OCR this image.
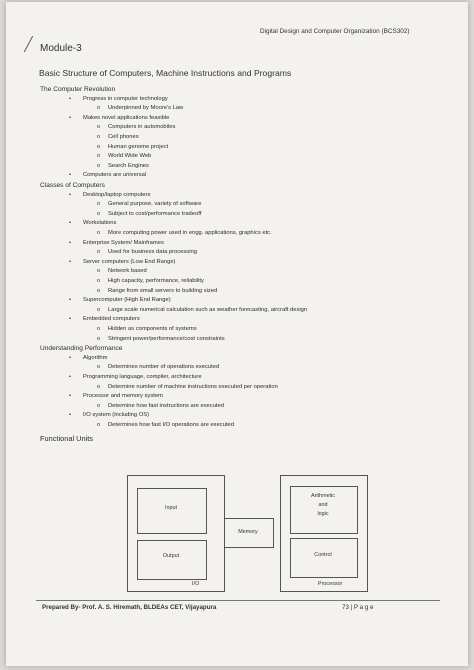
Digital Design and Computer Organization (BCS302)
Module-3
Basic Structure of Computers, Machine Instructions and Programs
The Computer Revolution
• Progress in computer technology
o Underpinned by Moore's Law
• Makes novel applications feasible
o Computers in automobiles
o Cell phones
o Human genome project
o World Wide Web
o Search Engines
• Computers are universal
Classes of Computers
• Desktop/laptop computers
o General purpose, variety of software
o Subject to cost/performance tradeoff
• Workstations
o More computing power used in engg. applications, graphics etc.
• Enterprise System/ Mainframes
o Used for business data processing
• Server computers (Low End Range)
o Network based
o High capacity, performance, reliability
o Range from small servers to building sized
• Supercomputer (High End Range)
o Large scale numerical calculation such as weather forecasting, aircraft design
• Embedded computers
o Hidden as components of systems
o Stringent power/performance/cost constraints
Understanding Performance
• Algorithm
o Determines number of operations executed
• Programming language, compiler, architecture
o Determine number of machine instructions executed per operation
• Processor and memory system
o Determine how fast instructions are executed
• I/O system (including OS)
o Determines how fast I/O operations are executed
Functional Units
Input
Output
I/O
Memory
Arithmetic
and
logic
Control
Processor
Prepared By- Prof. A. S. Hiremath, BLDEAs CET, Vijayapura	73 | P a g e
